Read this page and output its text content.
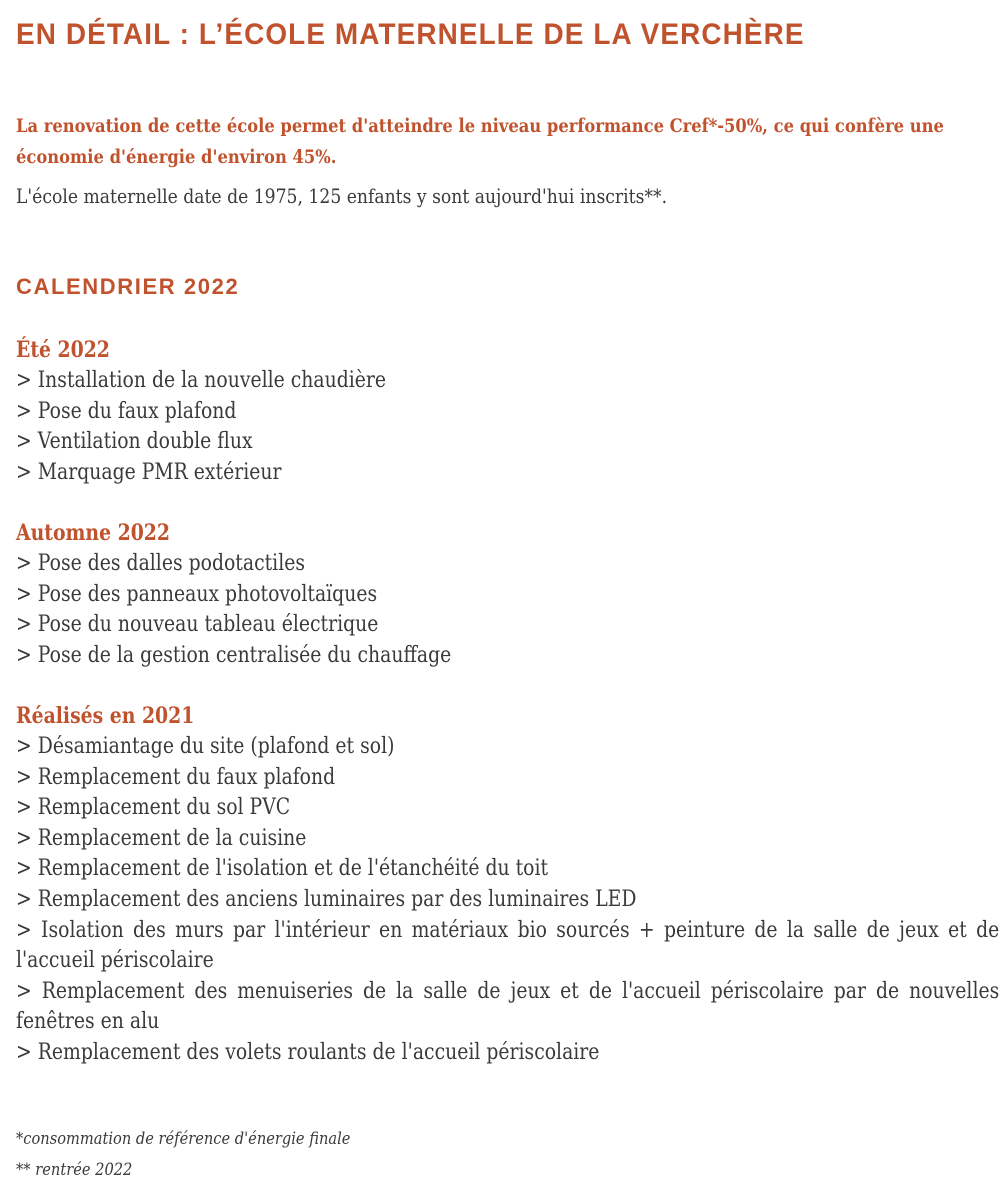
EN DÉTAIL : L’ÉCOLE MATERNELLE DE LA VERCHÈRE

La renovation de cette école permet d'atteindre le niveau performance Cref*-50%, ce qui confère une économie d'énergie d'environ 45%.

L'école maternelle date de 1975, 125 enfants y sont aujourd'hui inscrits**.

CALENDRIER 2022
Été 2022
> Installation de la nouvelle chaudière
> Pose du faux plafond
> Ventilation double flux
> Marquage PMR extérieur
Automne 2022
> Pose des dalles podotactiles
> Pose des panneaux photovoltaïques
> Pose du nouveau tableau électrique
> Pose de la gestion centralisée du chauffage
Réalisés en 2021
> Désamiantage du site (plafond et sol)
> Remplacement du faux plafond
> Remplacement du sol PVC
> Remplacement de la cuisine
> Remplacement de l'isolation et de l'étanchéité du toit
> Remplacement des anciens luminaires par des luminaires LED
> Isolation des murs par l'intérieur en matériaux bio sourcés + peinture de la salle de jeux et de l'accueil périscolaire
> Remplacement des menuiseries de la salle de jeux et de l'accueil périscolaire par de nouvelles fenêtres en alu
> Remplacement des volets roulants de l'accueil périscolaire

*consommation de référence d'énergie finale

** rentrée 2022
